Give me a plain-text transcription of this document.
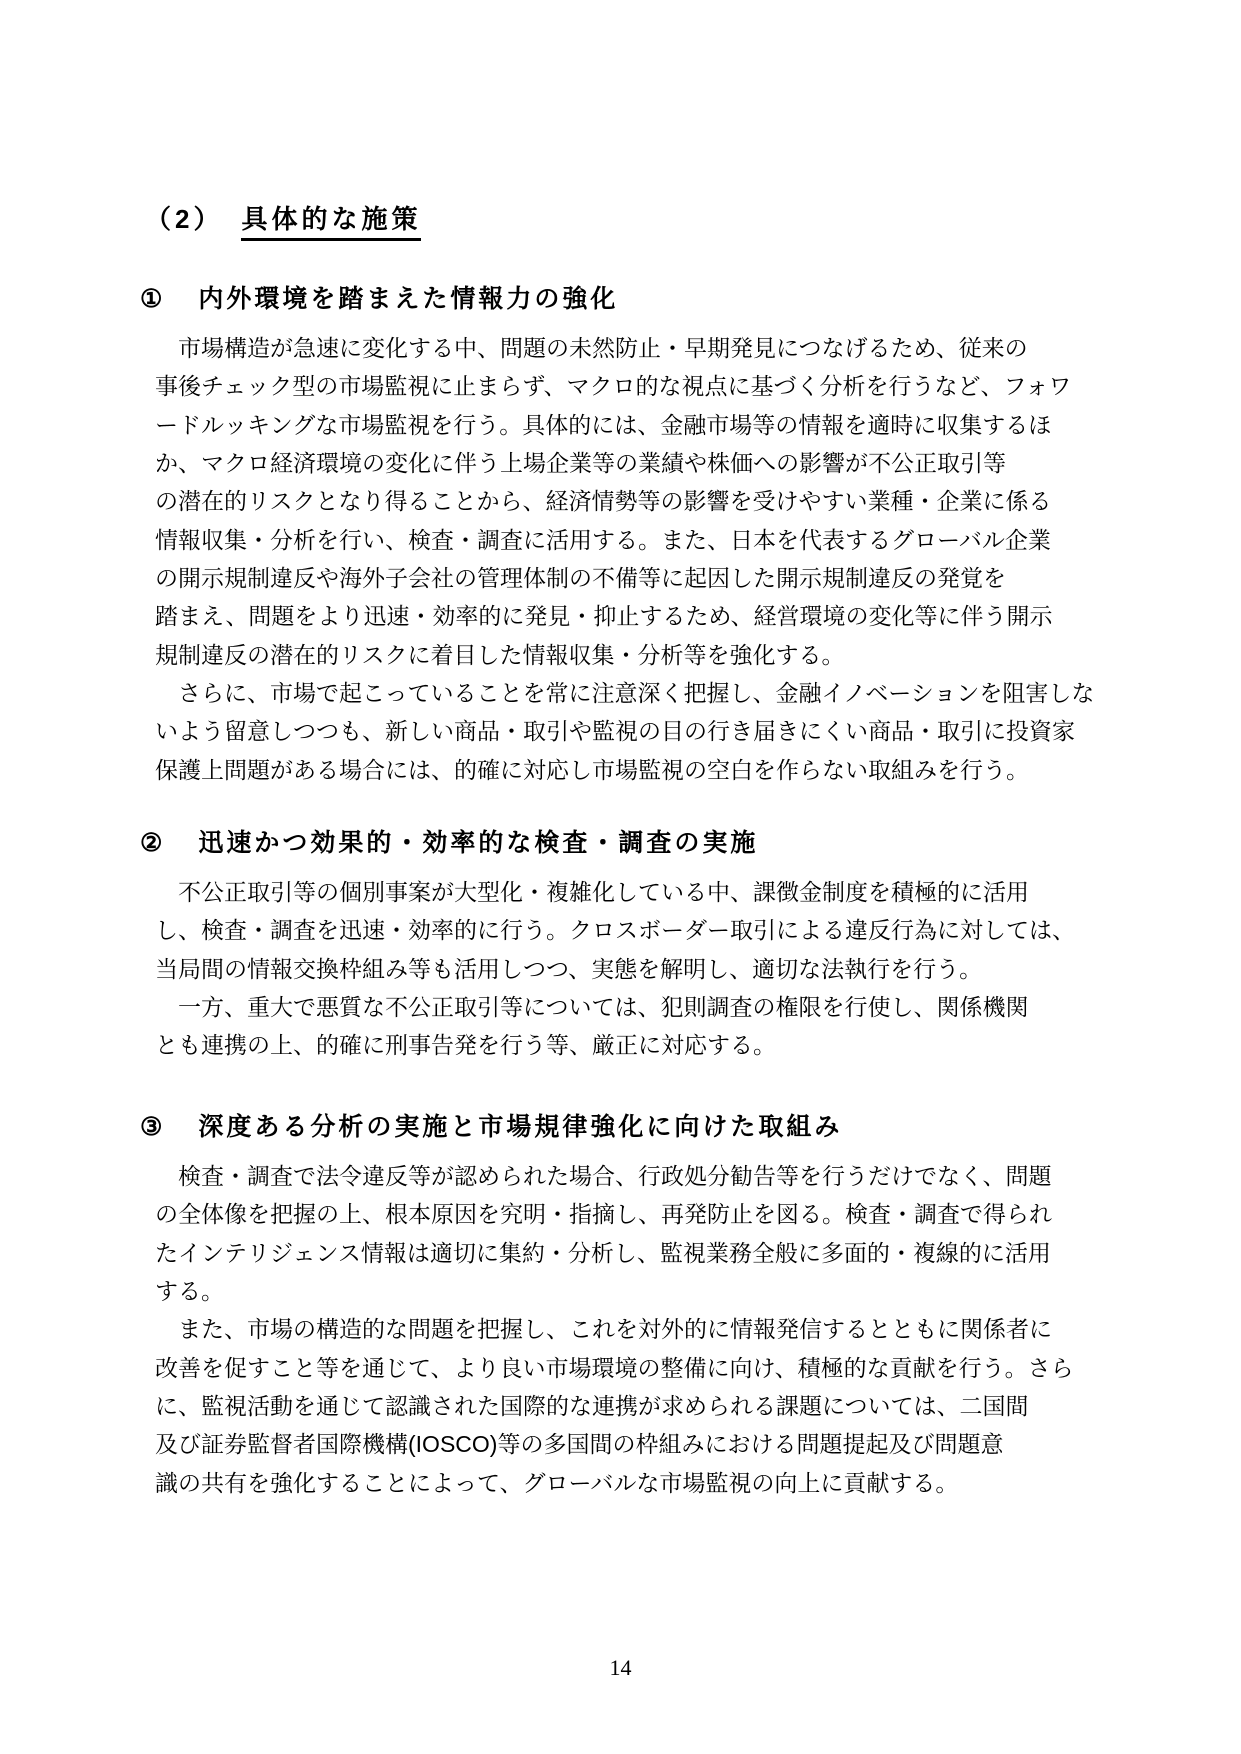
（2） 具体的な施策
① 内外環境を踏まえた情報力の強化
市場構造が急速に変化する中、問題の未然防止・早期発見につなげるため、従来の
事後チェック型の市場監視に止まらず、マクロ的な視点に基づく分析を行うなど、フォワ
ードルッキングな市場監視を行う。具体的には、金融市場等の情報を適時に収集するほ
か、マクロ経済環境の変化に伴う上場企業等の業績や株価への影響が不公正取引等
の潜在的リスクとなり得ることから、経済情勢等の影響を受けやすい業種・企業に係る
情報収集・分析を行い、検査・調査に活用する。また、日本を代表するグローバル企業
の開示規制違反や海外子会社の管理体制の不備等に起因した開示規制違反の発覚を
踏まえ、問題をより迅速・効率的に発見・抑止するため、経営環境の変化等に伴う開示
規制違反の潜在的リスクに着目した情報収集・分析等を強化する。
さらに、市場で起こっていることを常に注意深く把握し、金融イノベーションを阻害しな
いよう留意しつつも、新しい商品・取引や監視の目の行き届きにくい商品・取引に投資家
保護上問題がある場合には、的確に対応し市場監視の空白を作らない取組みを行う。
② 迅速かつ効果的・効率的な検査・調査の実施
不公正取引等の個別事案が大型化・複雑化している中、課徴金制度を積極的に活用
し、検査・調査を迅速・効率的に行う。クロスボーダー取引による違反行為に対しては、
当局間の情報交換枠組み等も活用しつつ、実態を解明し、適切な法執行を行う。
一方、重大で悪質な不公正取引等については、犯則調査の権限を行使し、関係機関
とも連携の上、的確に刑事告発を行う等、厳正に対応する。
③ 深度ある分析の実施と市場規律強化に向けた取組み
検査・調査で法令違反等が認められた場合、行政処分勧告等を行うだけでなく、問題
の全体像を把握の上、根本原因を究明・指摘し、再発防止を図る。検査・調査で得られ
たインテリジェンス情報は適切に集約・分析し、監視業務全般に多面的・複線的に活用
する。
また、市場の構造的な問題を把握し、これを対外的に情報発信するとともに関係者に
改善を促すこと等を通じて、より良い市場環境の整備に向け、積極的な貢献を行う。さら
に、監視活動を通じて認識された国際的な連携が求められる課題については、二国間
及び証券監督者国際機構(IOSCO)等の多国間の枠組みにおける問題提起及び問題意
識の共有を強化することによって、グローバルな市場監視の向上に貢献する。
14
